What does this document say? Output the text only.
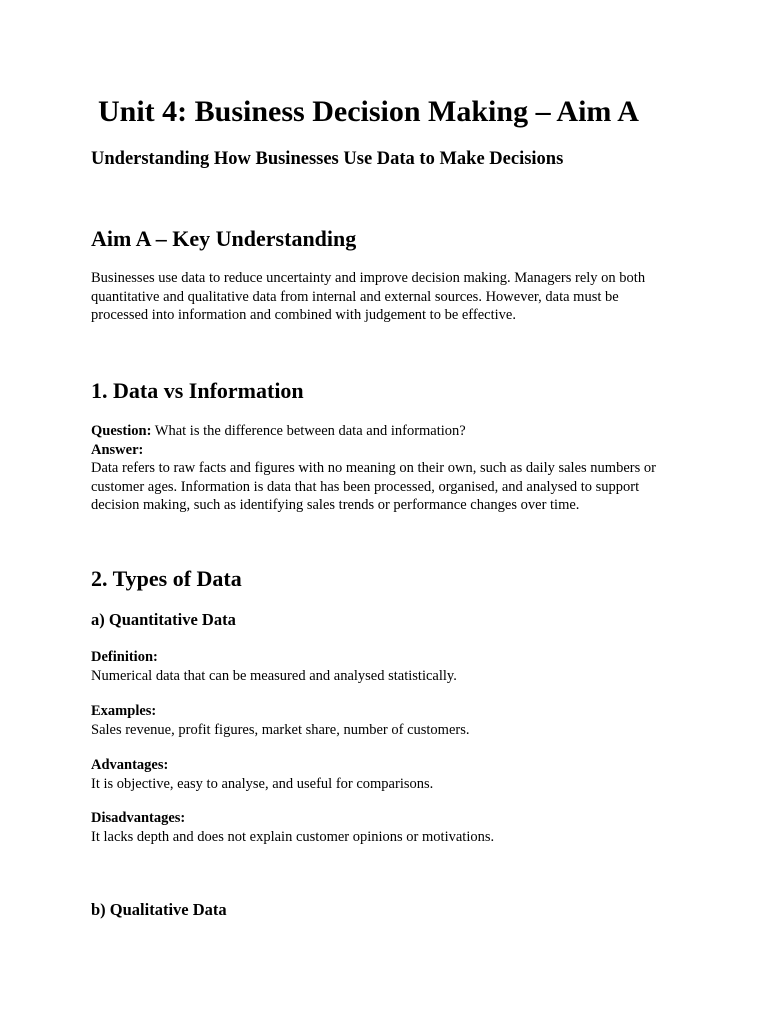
Unit 4: Business Decision Making – Aim A
Understanding How Businesses Use Data to Make Decisions
Aim A – Key Understanding

Businesses use data to reduce uncertainty and improve decision making. Managers rely on both
quantitative and qualitative data from internal and external sources. However, data must be
processed into information and combined with judgement to be effective.

1. Data vs Information

Question: What is the difference between data and information?
Answer:
Data refers to raw facts and figures with no meaning on their own, such as daily sales numbers or
customer ages. Information is data that has been processed, organised, and analysed to support
decision making, such as identifying sales trends or performance changes over time.

2. Types of Data
a) Quantitative Data

Definition:
Numerical data that can be measured and analysed statistically.

Examples:
Sales revenue, profit figures, market share, number of customers.

Advantages:
It is objective, easy to analyse, and useful for comparisons.

Disadvantages:
It lacks depth and does not explain customer opinions or motivations.

b) Qualitative Data
